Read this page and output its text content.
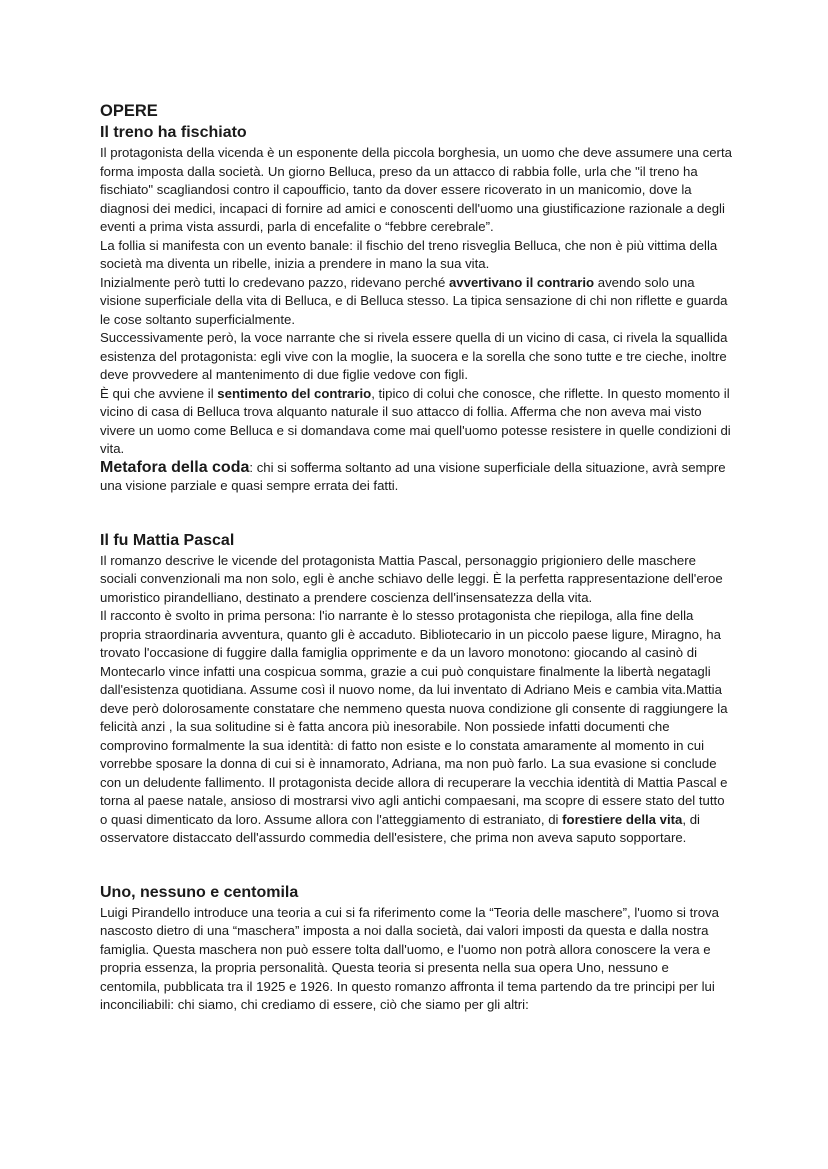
OPERE
Il treno ha fischiato

Il protagonista della vicenda è un esponente della piccola borghesia, un uomo che deve assumere una certa forma imposta dalla società. Un giorno Belluca, preso da un attacco di rabbia folle, urla che "il treno ha fischiato" scagliandosi contro il capoufficio, tanto da dover essere ricoverato in un manicomio, dove la diagnosi dei medici, incapaci di fornire ad amici e conoscenti dell'uomo una giustificazione razionale a degli eventi a prima vista assurdi, parla di encefalite o “febbre cerebrale”.

La follia si manifesta con un evento banale: il fischio del treno risveglia Belluca, che non è più vittima della società ma diventa un ribelle, inizia a prendere in mano la sua vita.

Inizialmente però tutti lo credevano pazzo, ridevano perché avvertivano il contrario avendo solo una visione superficiale della vita di Belluca, e di Belluca stesso. La tipica sensazione di chi non riflette e guarda le cose soltanto superficialmente.

Successivamente però, la voce narrante che si rivela essere quella di un vicino di casa, ci rivela la squallida esistenza del protagonista: egli vive con la moglie, la suocera e la sorella che sono tutte e tre cieche, inoltre deve provvedere al mantenimento di due figlie vedove con figli.

È qui che avviene il sentimento del contrario, tipico di colui che conosce, che riflette. In questo momento il vicino di casa di Belluca trova alquanto naturale il suo attacco di follia. Afferma che non aveva mai visto vivere un uomo come Belluca e si domandava come mai quell'uomo potesse resistere in quelle condizioni di vita.

Metafora della coda: chi si sofferma soltanto ad una visione superficiale della situazione, avrà sempre una visione parziale e quasi sempre errata dei fatti.

Il fu Mattia Pascal

Il romanzo descrive le vicende del protagonista Mattia Pascal, personaggio prigioniero delle maschere sociali convenzionali ma non solo, egli è anche schiavo delle leggi. È la perfetta rappresentazione dell'eroe umoristico pirandelliano, destinato a prendere coscienza dell'insensatezza della vita.

Il racconto è svolto in prima persona: l'io narrante è lo stesso protagonista che riepiloga, alla fine della propria straordinaria avventura, quanto gli è accaduto. Bibliotecario in un piccolo paese ligure, Miragno, ha trovato l'occasione di fuggire dalla famiglia opprimente e da un lavoro monotono: giocando al casinò di Montecarlo vince infatti una cospicua somma, grazie a cui può conquistare finalmente la libertà negatagli dall'esistenza quotidiana. Assume così il nuovo nome, da lui inventato di Adriano Meis e cambia vita.Mattia deve però dolorosamente constatare che nemmeno questa nuova condizione gli consente di raggiungere la felicità anzi , la sua solitudine si è fatta ancora più inesorabile. Non possiede infatti documenti che comprovino formalmente la sua identità: di fatto non esiste e lo constata amaramente al momento in cui vorrebbe sposare la donna di cui si è innamorato, Adriana, ma non può farlo. La sua evasione si conclude con un deludente fallimento. Il protagonista decide allora di recuperare la vecchia identità di Mattia Pascal e torna al paese natale, ansioso di mostrarsi vivo agli antichi compaesani, ma scopre di essere stato del tutto o quasi dimenticato da loro. Assume allora con l'atteggiamento di estraniato, di forestiere della vita, di osservatore distaccato dell'assurdo commedia dell'esistere, che prima non aveva saputo sopportare.

Uno, nessuno e centomila

Luigi Pirandello introduce una teoria a cui si fa riferimento come la “Teoria delle maschere”, l'uomo si trova nascosto dietro di una “maschera” imposta a noi dalla società, dai valori imposti da questa e dalla nostra famiglia. Questa maschera non può essere tolta dall'uomo, e l'uomo non potrà allora conoscere la vera e propria essenza, la propria personalità. Questa teoria si presenta nella sua opera Uno, nessuno e centomila, pubblicata tra il 1925 e 1926. In questo romanzo affronta il tema partendo da tre principi per lui inconciliabili: chi siamo, chi crediamo di essere, ciò che siamo per gli altri:
